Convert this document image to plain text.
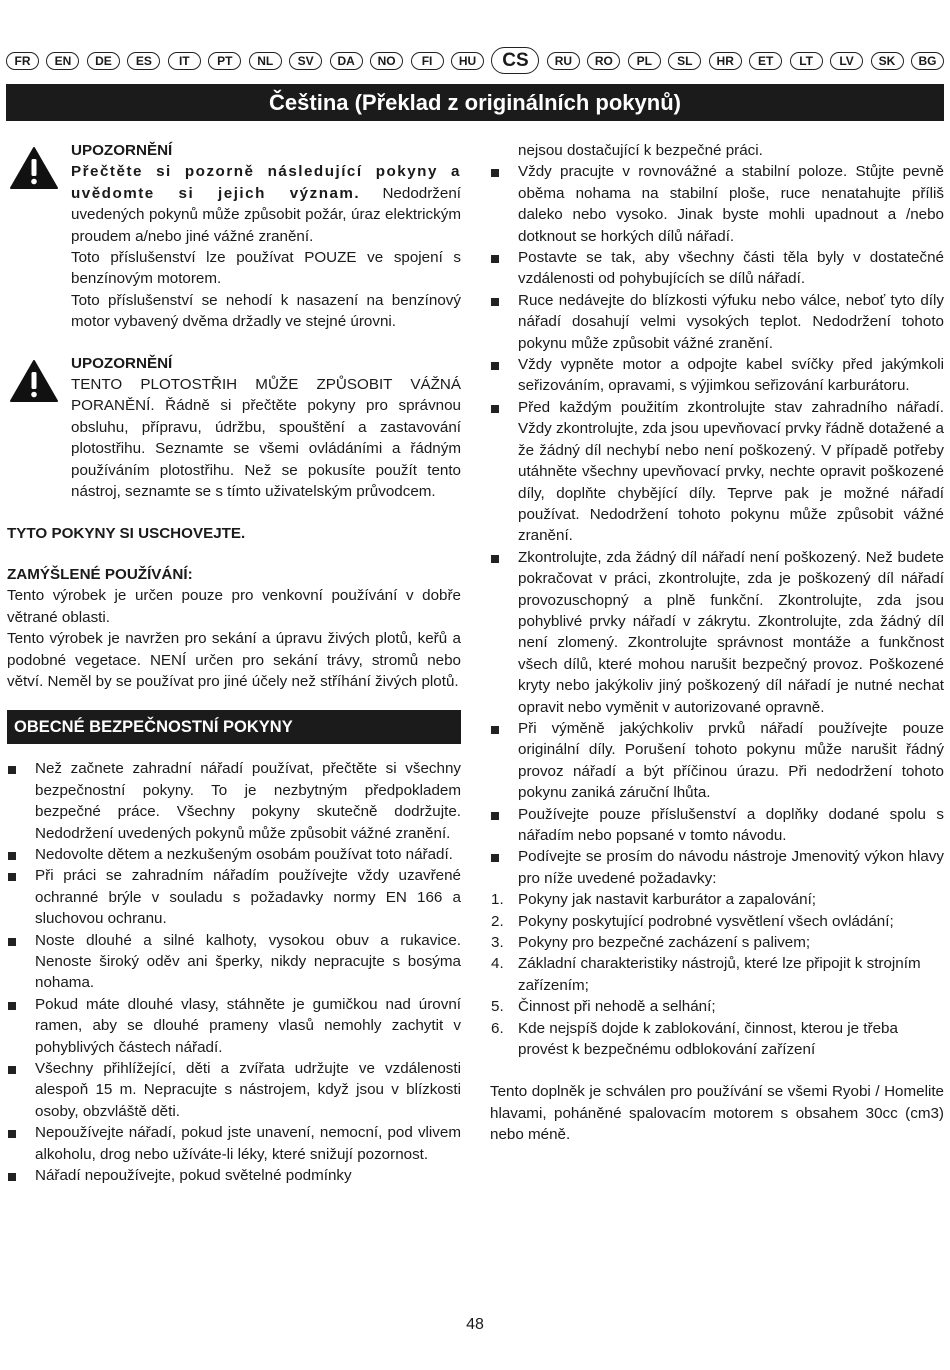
FR	EN	DE	ES	IT	PT	NL	SV	DA	NO	FI	HU	CS	RU	RO	PL	SL	HR	ET	LT	LV	SK	BG
Čeština (Překlad z originálních pokynů)
UPOZORNĚNÍ

Přečtěte si pozorně následující pokyny a uvědomte si jejich význam. Nedodržení uvedených pokynů může způsobit požár, úraz elektrickým proudem a/nebo jiné vážné zranění.

Toto příslušenství lze používat POUZE ve spojení s benzínovým motorem.

Toto příslušenství se nehodí k nasazení na benzínový motor vybavený dvěma držadly ve stejné úrovni.

UPOZORNĚNÍ

TENTO PLOTOSTŘIH MŮŽE ZPŮSOBIT VÁŽNÁ PORANĚNÍ. Řádně si přečtěte pokyny pro správnou obsluhu, přípravu, údržbu, spouštění a zastavování plotostřihu. Seznamte se všemi ovládáními a řádným používáním plotostřihu. Než se pokusíte použít tento nástroj, seznamte se s tímto uživatelským průvodcem.

TYTO POKYNY SI USCHOVEJTE.
ZAMÝŠLENÉ POUŽÍVÁNÍ:

Tento výrobek je určen pouze pro venkovní používání v dobře větrané oblasti.

Tento výrobek je navržen pro sekání a úpravu živých plotů, keřů a podobné vegetace. NENÍ určen pro sekání trávy, stromů nebo větví. Neměl by se používat pro jiné účely než stříhání živých plotů.

OBECNÉ BEZPEČNOSTNÍ POKYNY
Než začnete zahradní nářadí používat, přečtěte si všechny bezpečnostní pokyny. To je nezbytným předpokladem bezpečné práce. Všechny pokyny skutečně dodržujte. Nedodržení uvedených pokynů může způsobit vážné zranění.
Nedovolte dětem a nezkušeným osobám používat toto nářadí.
Při práci se zahradním nářadím používejte vždy uzavřené ochranné brýle v souladu s požadavky normy EN 166 a sluchovou ochranu.
Noste dlouhé a silné kalhoty, vysokou obuv a rukavice. Nenoste široký oděv ani šperky, nikdy nepracujte s bosýma nohama.
Pokud máte dlouhé vlasy, stáhněte je gumičkou nad úrovní ramen, aby se dlouhé prameny vlasů nemohly zachytit v pohyblivých částech nářadí.
Všechny přihlížející, děti a zvířata udržujte ve vzdálenosti alespoň 15 m. Nepracujte s nástrojem, když jsou v blízkosti osoby, obzvláště děti.
Nepoužívejte nářadí, pokud jste unavení, nemocní, pod vlivem alkoholu, drog nebo užíváte-li léky, které snižují pozornost.
Nářadí nepoužívejte, pokud světelné podmínky

nejsou dostačující k bezpečné práci.

Vždy pracujte v rovnovážné a stabilní poloze. Stůjte pevně oběma nohama na stabilní ploše, ruce nenatahujte příliš daleko nebo vysoko. Jinak byste mohli upadnout a /nebo dotknout se horkých dílů nářadí.
Postavte se tak, aby všechny části těla byly v dostatečné vzdálenosti od pohybujících se dílů nářadí.
Ruce nedávejte do blízkosti výfuku nebo válce, neboť tyto díly nářadí dosahují velmi vysokých teplot. Nedodržení tohoto pokynu může způsobit vážné zranění.
Vždy vypněte motor a odpojte kabel svíčky před jakýmkoli seřizováním, opravami, s výjimkou seřizování karburátoru.
Před každým použitím zkontrolujte stav zahradního nářadí. Vždy zkontrolujte, zda jsou upevňovací prvky řádně dotažené a že žádný díl nechybí nebo není poškozený. V případě potřeby utáhněte všechny upevňovací prvky, nechte opravit poškozené díly, doplňte chybějící díly. Teprve pak je možné nářadí používat. Nedodržení tohoto pokynu může způsobit vážné zranění.
Zkontrolujte, zda žádný díl nářadí není poškozený. Než budete pokračovat v práci, zkontrolujte, zda je poškozený díl nářadí provozuschopný a plně funkční. Zkontrolujte, zda jsou pohyblivé prvky nářadí v zákrytu. Zkontrolujte, zda žádný díl není zlomený. Zkontrolujte správnost montáže a funkčnost všech dílů, které mohou narušit bezpečný provoz. Poškozené kryty nebo jakýkoliv jiný poškozený díl nářadí je nutné nechat opravit nebo vyměnit v autorizované opravně.
Při výměně jakýchkoliv prvků nářadí používejte pouze originální díly. Porušení tohoto pokynu může narušit řádný provoz nářadí a být příčinou úrazu. Při nedodržení tohoto pokynu zaniká záruční lhůta.
Používejte pouze příslušenství a doplňky dodané spolu s nářadím nebo popsané v tomto návodu.
Podívejte se prosím do návodu nástroje Jmenovitý výkon hlavy pro níže uvedené požadavky:
1. Pokyny jak nastavit karburátor a zapalování;
2. Pokyny poskytující podrobné vysvětlení všech ovládání;
3. Pokyny pro bezpečné zacházení s palivem;
4. Základní charakteristiky nástrojů, které lze připojit k strojním zařízením;
5. Činnost při nehodě a selhání;
6. Kde nejspíš dojde k zablokování, činnost, kterou je třeba provést k bezpečnému odblokování zařízení

Tento doplněk je schválen pro používání se všemi Ryobi / Homelite hlavami, poháněné spalovacím motorem s obsahem 30cc (cm3) nebo méně.

48
